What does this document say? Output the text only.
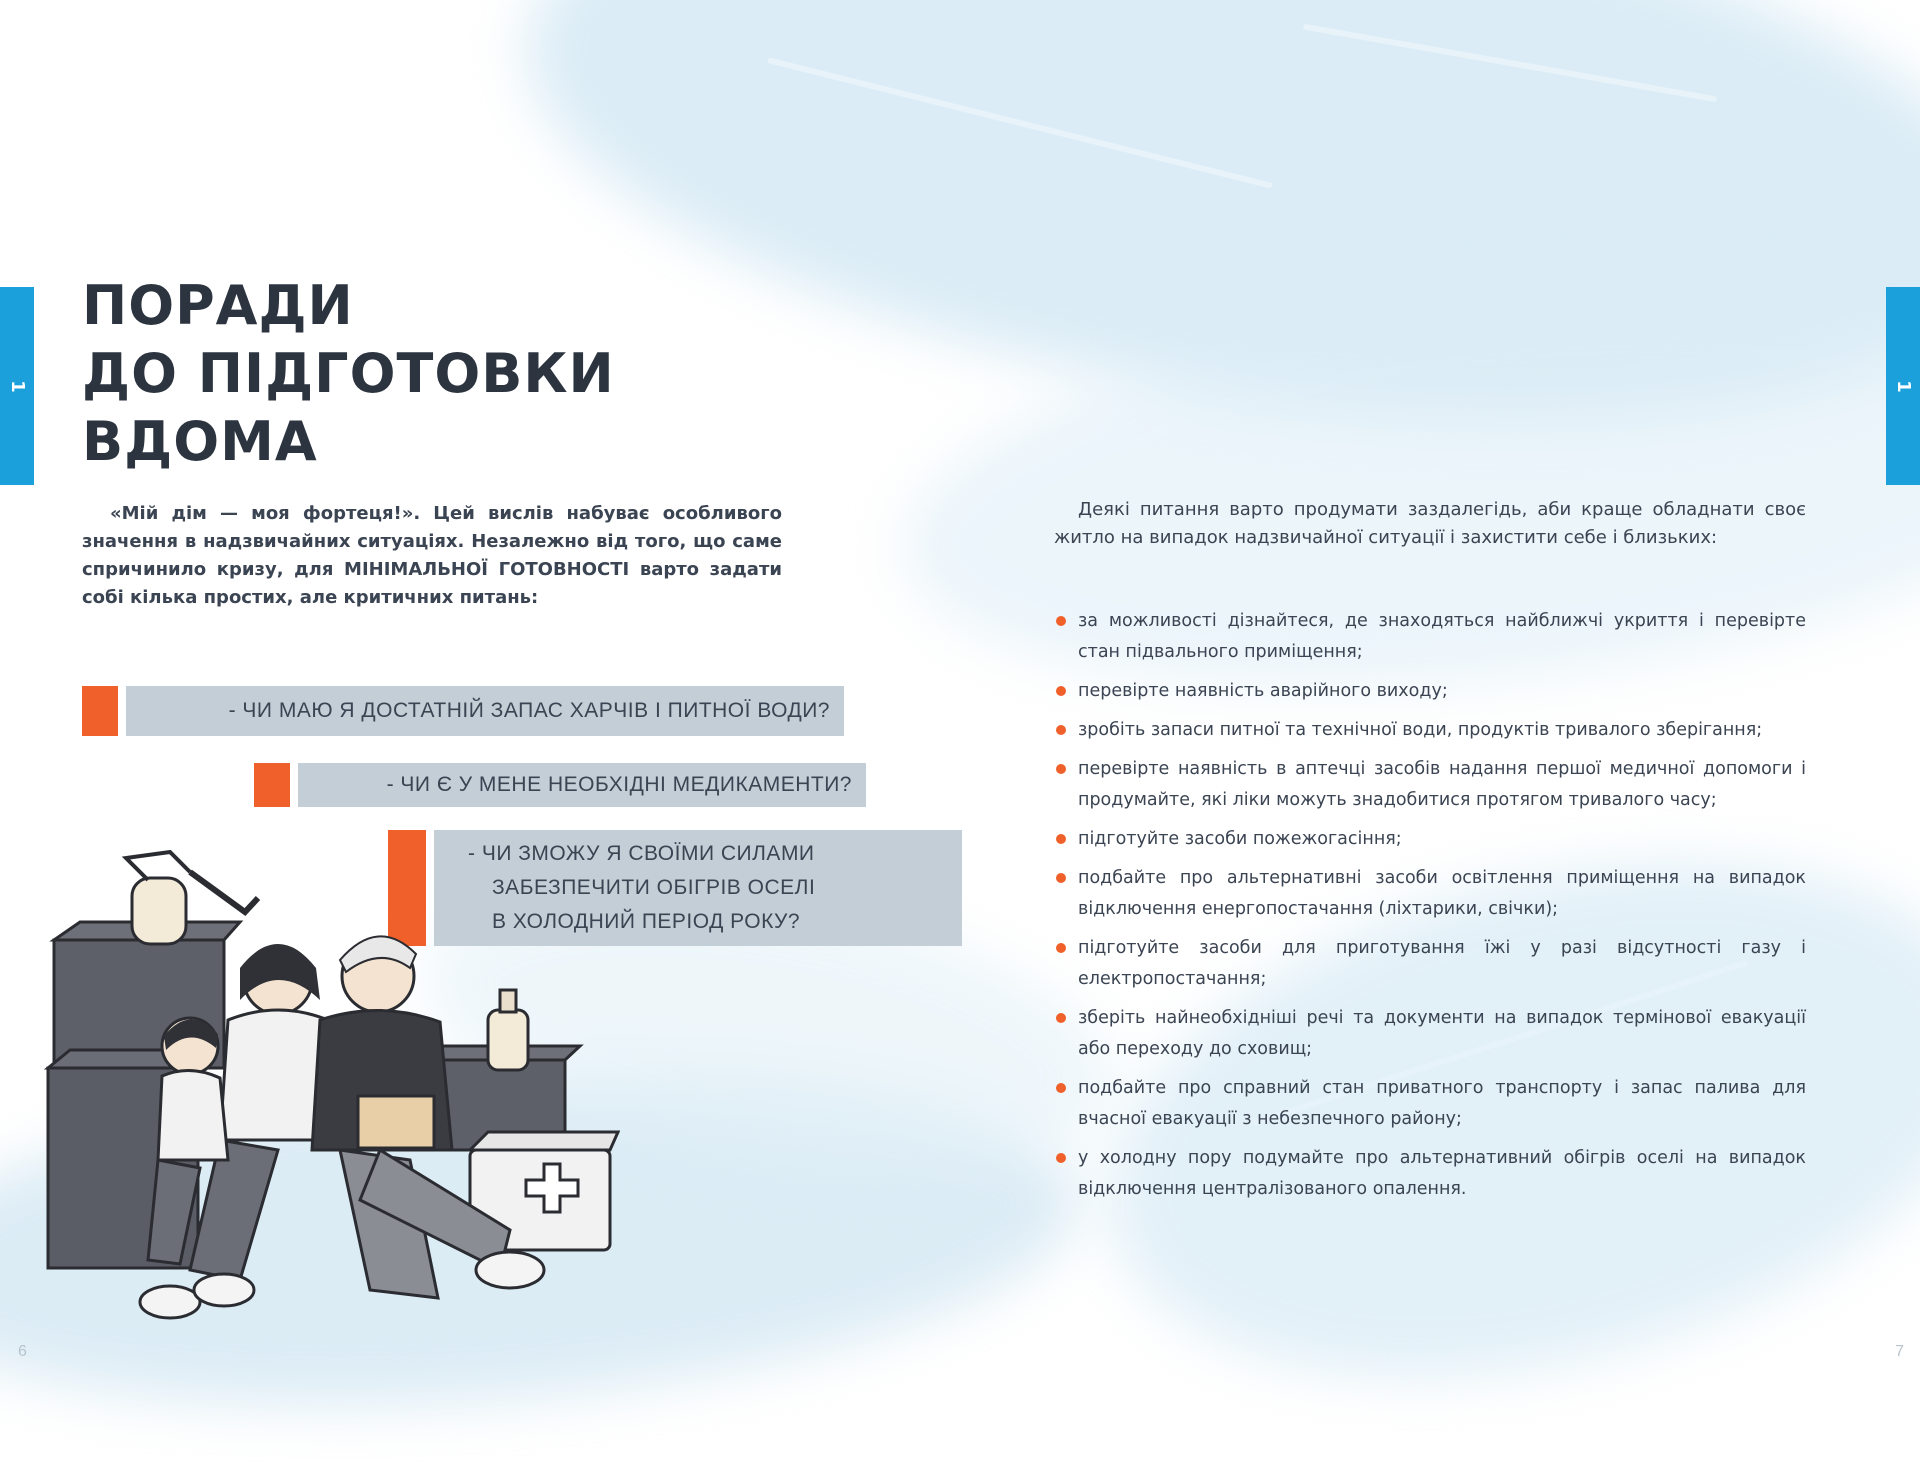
1	1
ПОРАДИ
ДО ПІДГОТОВКИ
ВДОМА

«Мій дім — моя фортеця!». Цей вислів набуває особливого значення в надзвичайних ситуаціях. Незалежно від того, що саме спричинило кризу, для МІНІМАЛЬНОЇ ГОТОВНОСТІ варто задати собі кілька простих, але критичних питань:

- ЧИ МАЮ Я ДОСТАТНІЙ ЗАПАС ХАРЧІВ І ПИТНОЇ ВОДИ?
- ЧИ Є У МЕНЕ НЕОБХІДНІ МЕДИКАМЕНТИ?
- ЧИ ЗМОЖУ Я СВОЇМИ СИЛАМИ
ЗАБЕЗПЕЧИТИ ОБІГРІВ ОСЕЛІ
В ХОЛОДНИЙ ПЕРІОД РОКУ?

Деякі питання варто продумати заздалегідь, аби краще обладнати своє житло на випадок надзвичайної ситуації і захистити себе і близьких:

за можливості дізнайтеся, де знаходяться найближчі укриття і перевірте стан підвального приміщення;
перевірте наявність аварійного виходу;
зробіть запаси питної та технічної води, продуктів тривалого зберігання;
перевірте наявність в аптечці засобів надання першої медичної допомоги і продумайте, які ліки можуть знадобитися протягом тривалого часу;
підготуйте засоби пожежогасіння;
подбайте про альтернативні засоби освітлення приміщення на випадок відключення енергопостачання (ліхтарики, свічки);
підготуйте засоби для приготування їжі у разі відсутності газу і електропостачання;
зберіть найнеобхідніші речі та документи на випадок термінової евакуації або переходу до сховищ;
подбайте про справний стан приватного транспорту і запас палива для вчасної евакуації з небезпечного району;
у холодну пору подумайте про альтернативний обігрів оселі на випадок відключення централізованого опалення.
6	7
